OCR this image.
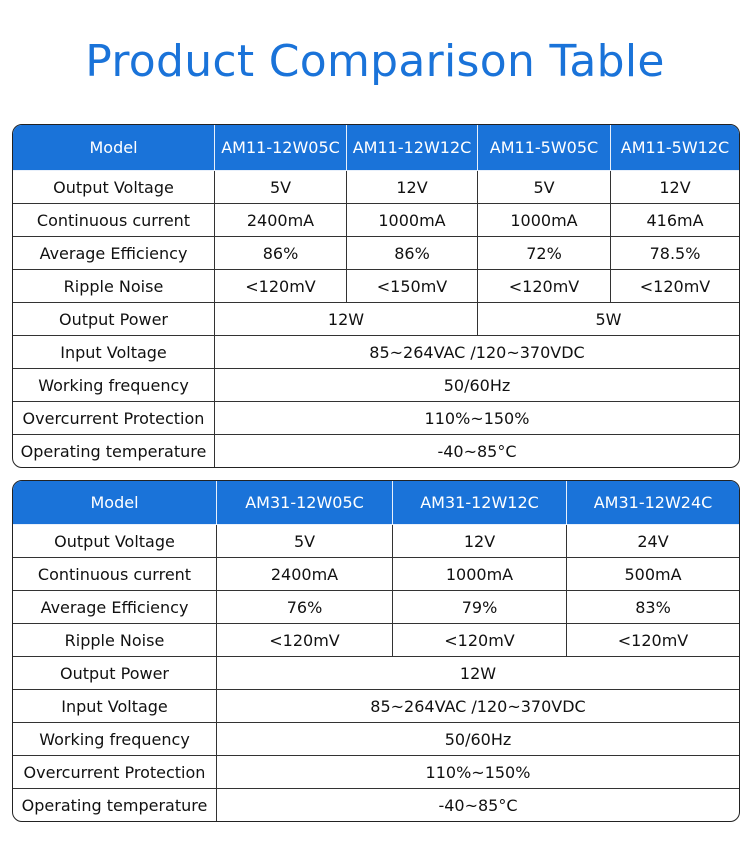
Product Comparison Table
Model	AM11-12W05C	AM11-12W12C	AM11-5W05C	AM11-5W12C
Output Voltage	5V	12V	5V	12V
Continuous current	2400mA	1000mA	1000mA	416mA
Average Efficiency	86%	86%	72%	78.5%
Ripple Noise	<120mV	<150mV	<120mV	<120mV
Output Power	12W		5W	
Input Voltage	85~264VAC /120~370VDC			
Working frequency	50/60Hz			
Overcurrent Protection	110%~150%			
Operating temperature	-40~85°C			
Model	AM31-12W05C	AM31-12W12C	AM31-12W24C
Output Voltage	5V	12V	24V
Continuous current	2400mA	1000mA	500mA
Average Efficiency	76%	79%	83%
Ripple Noise	<120mV	<120mV	<120mV
Output Power	12W		
Input Voltage	85~264VAC /120~370VDC		
Working frequency	50/60Hz		
Overcurrent Protection	110%~150%		
Operating temperature	-40~85°C		
